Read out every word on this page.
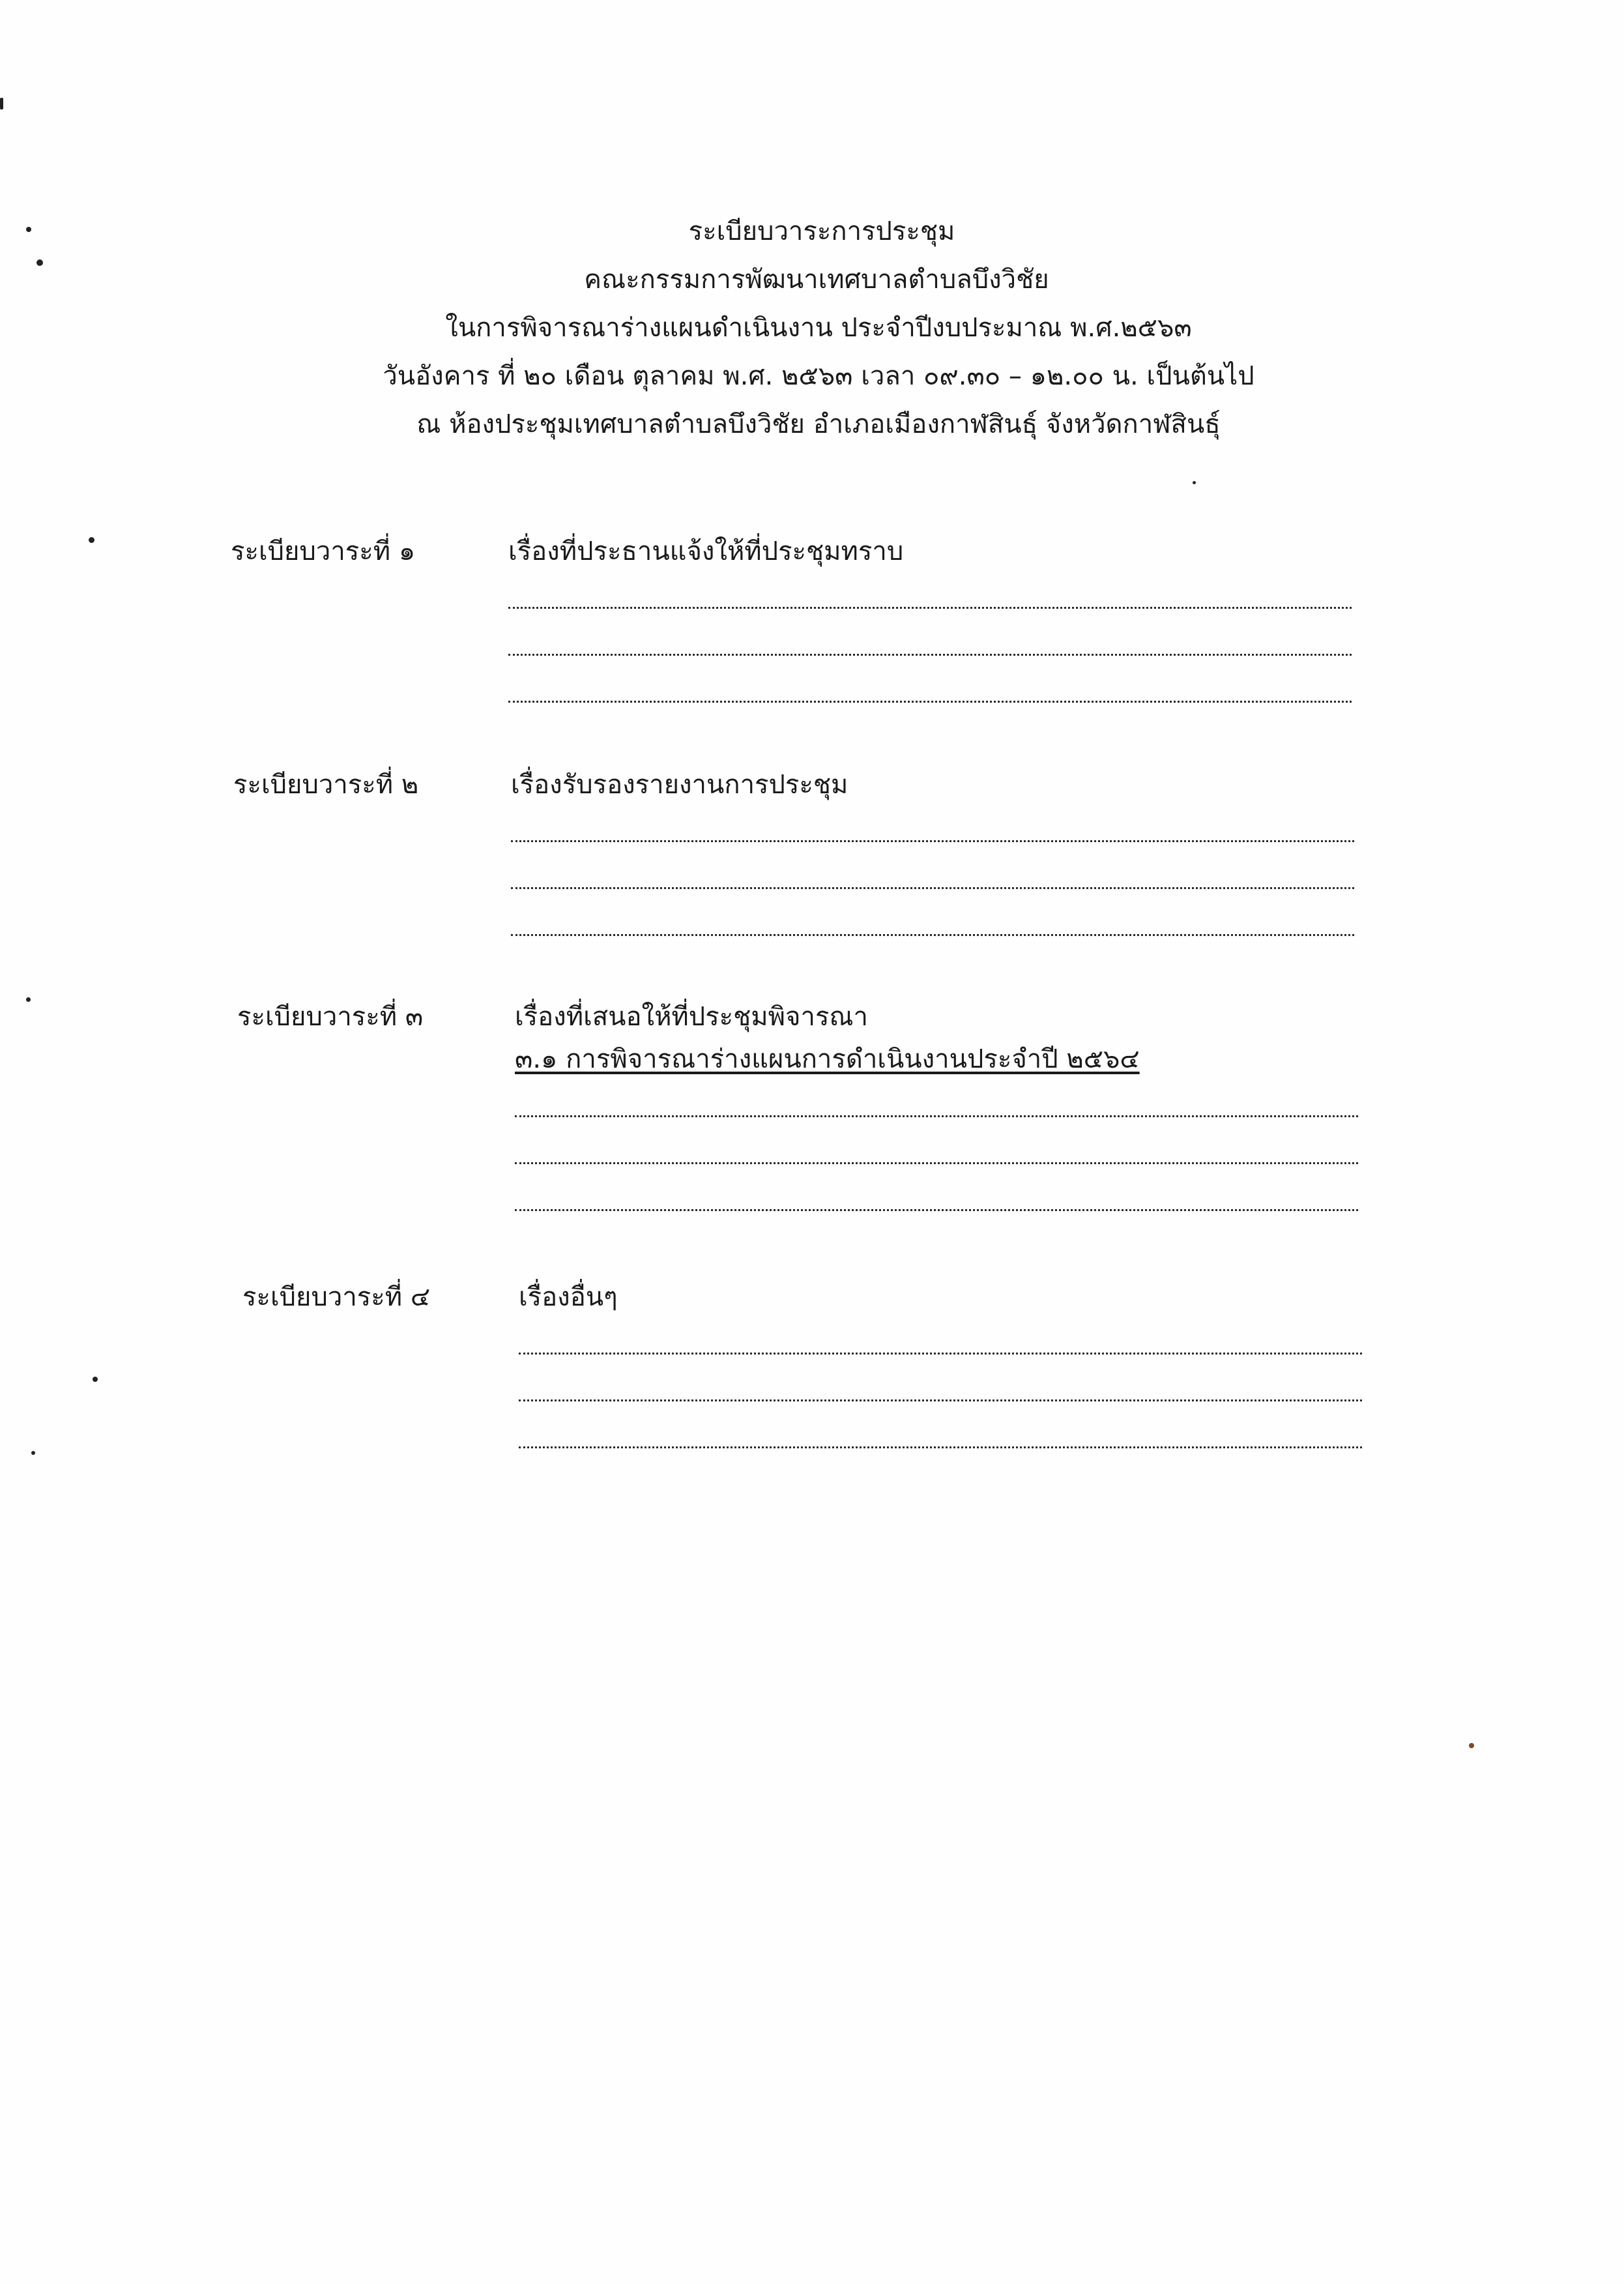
ระเบียบวาระการประชุม
คณะกรรมการพัฒนาเทศบาลตำบลบึงวิชัย
ในการพิจารณาร่างแผนดำเนินงาน ประจำปีงบประมาณ พ.ศ.๒๕๖๓
วันอังคาร ที่ ๒๐ เดือน ตุลาคม พ.ศ. ๒๕๖๓ เวลา ๐๙.๓๐ – ๑๒.๐๐ น. เป็นต้นไป
ณ ห้องประชุมเทศบาลตำบลบึงวิชัย อำเภอเมืองกาฬสินธุ์ จังหวัดกาฬสินธุ์
ระเบียบวาระที่ ๑	เรื่องที่ประธานแจ้งให้ที่ประชุมทราบ
ระเบียบวาระที่ ๒	เรื่องรับรองรายงานการประชุม
ระเบียบวาระที่ ๓	เรื่องที่เสนอให้ที่ประชุมพิจารณา
๓.๑ การพิจารณาร่างแผนการดำเนินงานประจำปี ๒๕๖๔
ระเบียบวาระที่ ๔	เรื่องอื่นๆ
